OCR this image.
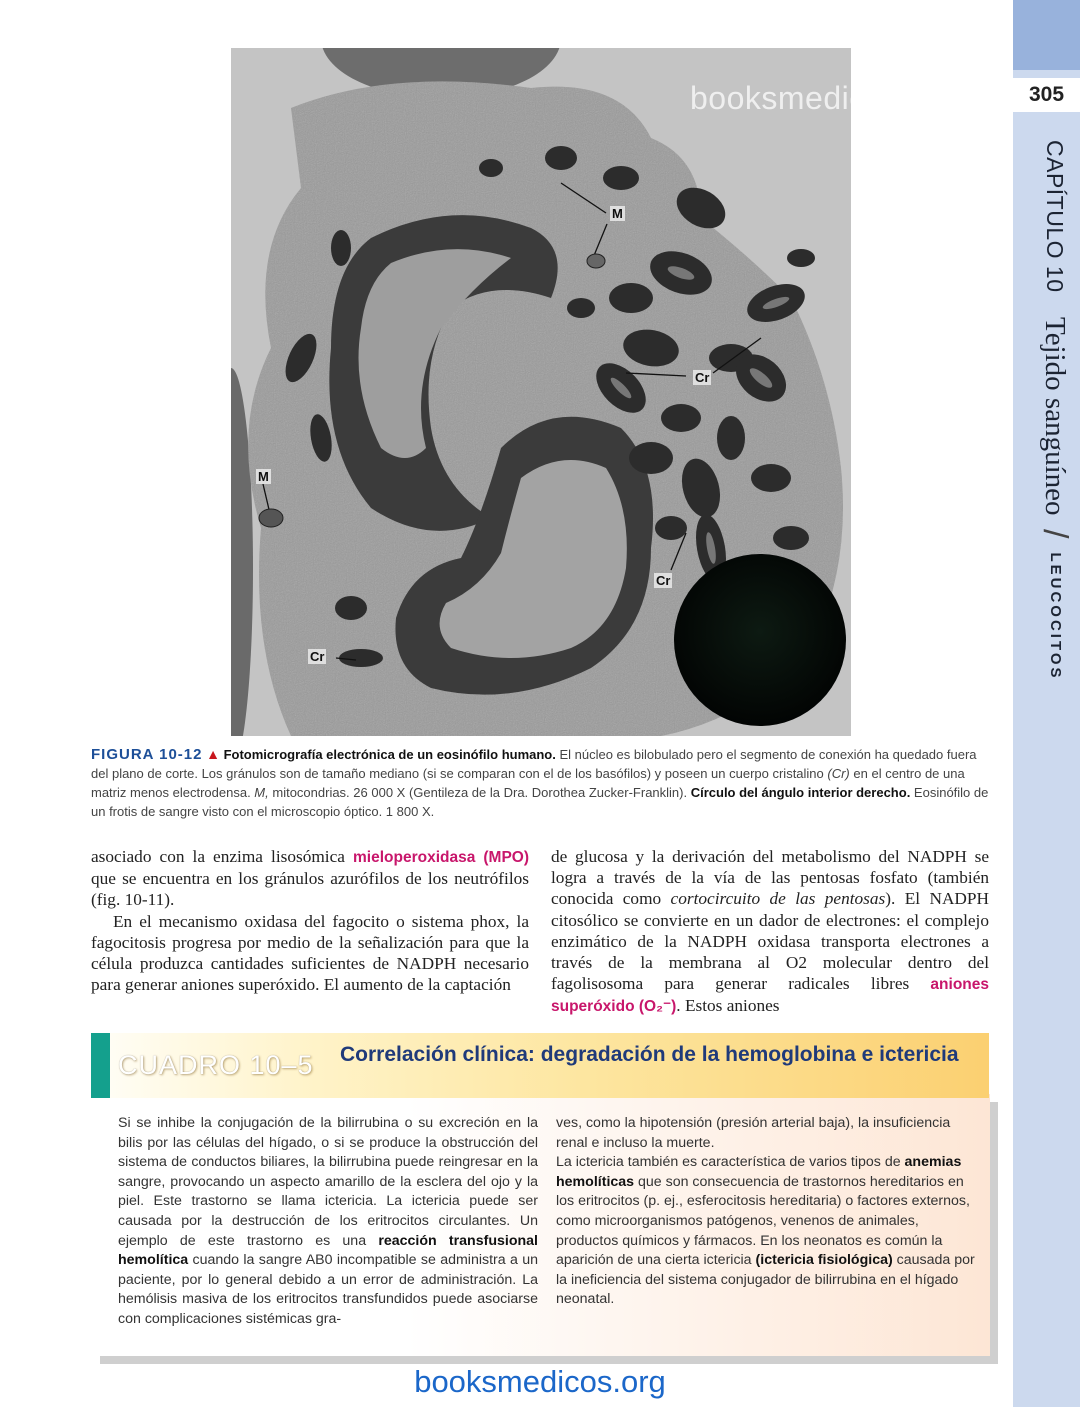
305
CAPÍTULO 10 Tejido sanguíneo / LEUCOCITOS
M
M
Cr
Cr
Cr
booksmedicos.org
FIGURA 10-12 ▲ Fotomicrografía electrónica de un eosinófilo humano. El núcleo es bilobulado pero el segmento de conexión ha quedado fuera del plano de corte. Los gránulos son de tamaño mediano (si se comparan con el de los basófilos) y poseen un cuerpo cristalino (Cr) en el centro de una matriz menos electrodensa. M, mitocondrias. 26 000 X (Gentileza de la Dra. Dorothea Zucker-Franklin). Círculo del ángulo interior derecho. Eosinófilo de un frotis de sangre visto con el microscopio óptico. 1 800 X.

asociado con la enzima lisosómica mieloperoxidasa (MPO) que se encuentra en los gránulos azurófilos de los neutrófilos (fig. 10-11).

En el mecanismo oxidasa del fagocito o sistema phox, la fagocitosis progresa por medio de la señalización para que la célula produzca cantidades suficientes de NADPH necesario para generar aniones superóxido. El aumento de la captación

de glucosa y la derivación del metabolismo del NADPH se logra a través de la vía de las pentosas fosfato (también conocida como cortocircuito de las pentosas). El NADPH citosólico se convierte en un dador de electrones: el complejo enzimático de la NADPH oxidasa transporta electrones a través de la membrana al O2 molecular dentro del fagolisosoma para generar radicales libres aniones superóxido (O₂⁻). Estos aniones

CUADRO 10–5 Correlación clínica: degradación de la hemoglobina e ictericia

Si se inhibe la conjugación de la bilirrubina o su excreción en la bilis por las células del hígado, o si se produce la obstrucción del sistema de conductos biliares, la bilirrubina puede reingresar en la sangre, provocando un aspecto amarillo de la esclera del ojo y la piel. Este trastorno se llama ictericia. La ictericia puede ser causada por la destrucción de los eritrocitos circulantes. Un ejemplo de este trastorno es una reacción transfusional hemolítica cuando la sangre AB0 incompatible se administra a un paciente, por lo general debido a un error de administración. La hemólisis masiva de los eritrocitos transfundidos puede asociarse con complicaciones sistémicas gra-

ves, como la hipotensión (presión arterial baja), la insuficiencia renal e incluso la muerte.

La ictericia también es característica de varios tipos de anemias hemolíticas que son consecuencia de trastornos hereditarios en los eritrocitos (p. ej., esferocitosis hereditaria) o factores externos, como microorganismos patógenos, venenos de animales, productos químicos y fármacos. En los neonatos es común la aparición de una cierta ictericia (ictericia fisiológica) causada por la ineficiencia del sistema conjugador de bilirrubina en el hígado neonatal.

booksmedicos.org
